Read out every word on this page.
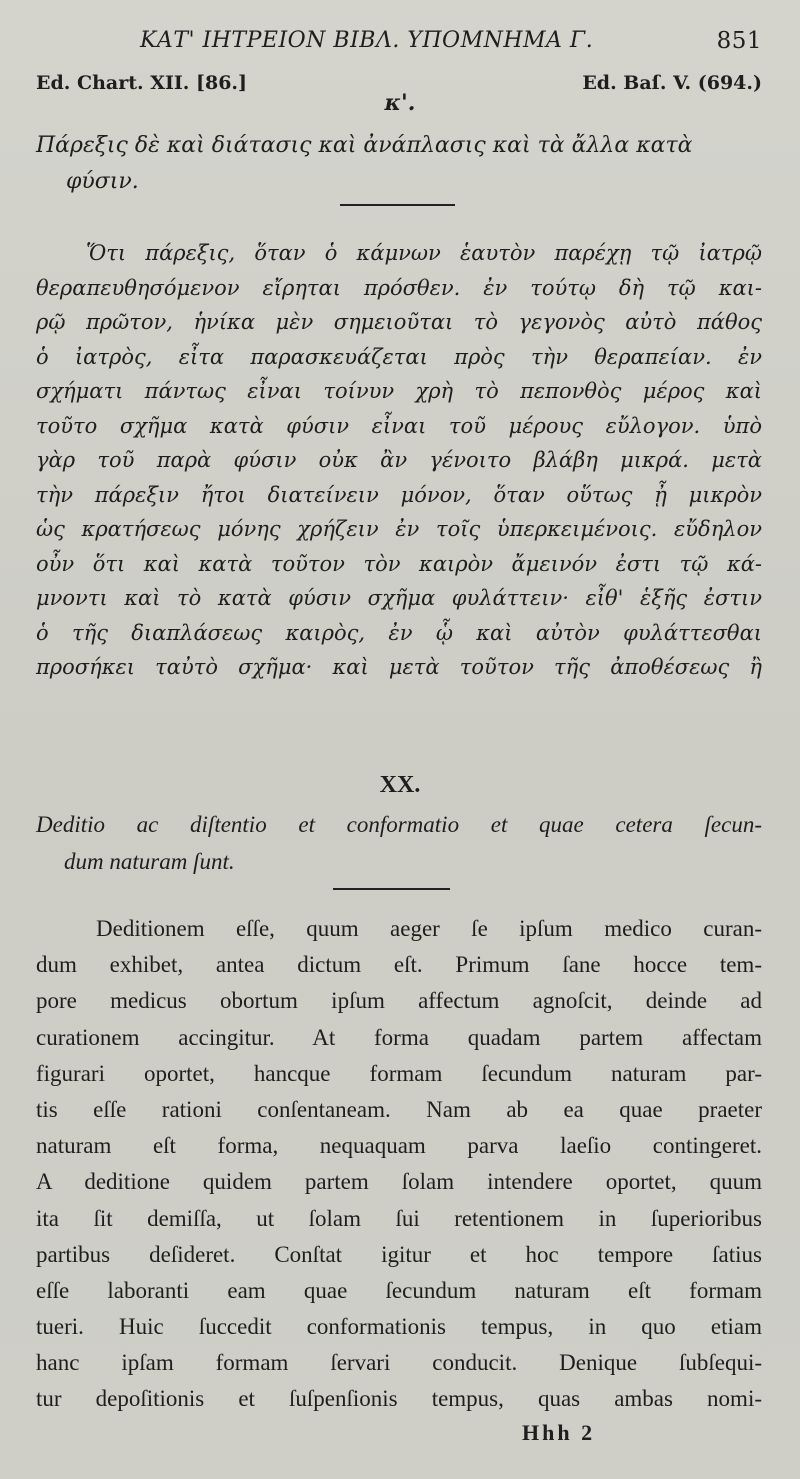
ΚΑΤ' ΙΗΤΡΕΙΟΝ ΒΙΒΛ. ΥΠΟΜΝΗΜΑ Γ.	851
Ed. Chart. XII. [86.]	Ed. Baſ. V. (694.)
κ'.
Πάρεξις δὲ καὶ διάτασις καὶ ἀνάπλασις καὶ τὰ ἄλλα κατὰ
φύσιν.
Ὅτι πάρεξις, ὅταν ὁ κάμνων ἑαυτὸν παρέχῃ τῷ ἰατρῷ
θεραπευθησόμενον εἴρηται πρόσθεν. ἐν τούτῳ δὴ τῷ και-
ρῷ πρῶτον, ἡνίκα μὲν σημειοῦται τὸ γεγονὸς αὐτὸ πάθος
ὁ ἰατρὸς, εἶτα παρασκευάζεται πρὸς τὴν θεραπείαν. ἐν
σχήματι πάντως εἶναι τοίνυν χρὴ τὸ πεπονθὸς μέρος καὶ
τοῦτο σχῆμα κατὰ φύσιν εἶναι τοῦ μέρους εὔλογον. ὑπὸ
γὰρ τοῦ παρὰ φύσιν οὐκ ἂν γένοιτο βλάβη μικρά. μετὰ
τὴν πάρεξιν ἤτοι διατείνειν μόνον, ὅταν οὕτως ᾖ μικρὸν
ὡς κρατήσεως μόνης χρήζειν ἐν τοῖς ὑπερκειμένοις. εὔδηλον
οὖν ὅτι καὶ κατὰ τοῦτον τὸν καιρὸν ἄμεινόν ἐστι τῷ κά-
μνοντι καὶ τὸ κατὰ φύσιν σχῆμα φυλάττειν· εἶθ' ἑξῆς ἐστιν
ὁ τῆς διαπλάσεως καιρὸς, ἐν ᾧ καὶ αὐτὸν φυλάττεσθαι
προσήκει ταὐτὸ σχῆμα· καὶ μετὰ τοῦτον τῆς ἀποθέσεως ἢ
XX.
Deditio ac diſtentio et conformatio et quae cetera ſecun-
dum naturam ſunt.
Deditionem eſſe, quum aeger ſe ipſum medico curan-
dum exhibet, antea dictum eſt. Primum ſane hocce tem-
pore medicus obortum ipſum affectum agnoſcit, deinde ad
curationem accingitur. At forma quadam partem affectam
figurari oportet, hancque formam ſecundum naturam par-
tis eſſe rationi conſentaneam. Nam ab ea quae praeter
naturam eſt forma, nequaquam parva laeſio contingeret.
A deditione quidem partem ſolam intendere oportet, quum
ita ſit demiſſa, ut ſolam ſui retentionem in ſuperioribus
partibus deſideret. Conſtat igitur et hoc tempore ſatius
eſſe laboranti eam quae ſecundum naturam eſt formam
tueri. Huic ſuccedit conformationis tempus, in quo etiam
hanc ipſam formam ſervari conducit. Denique ſubſequi-
tur depoſitionis et ſuſpenſionis tempus, quas ambas nomi-
Hhh 2
